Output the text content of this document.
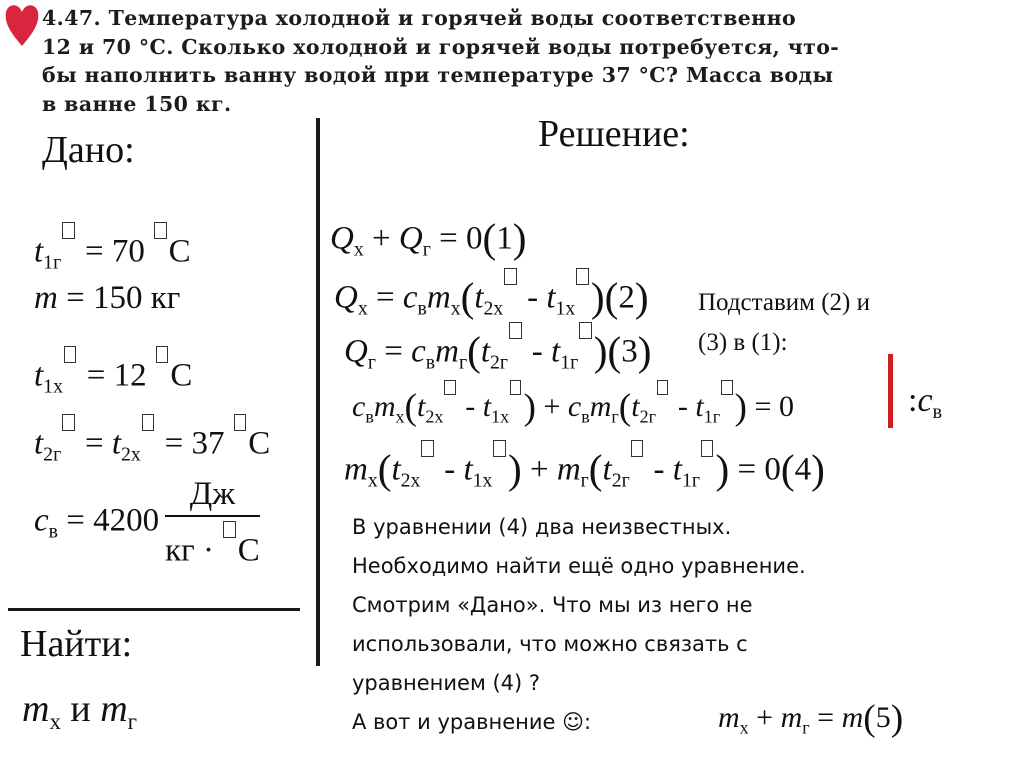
4.47. Температура холодной и горячей воды соответственно

12 и 70 °С. Сколько холодной и горячей воды потребуется, что-

бы наполнить ванну водой при температуре 37 °С? Масса воды

в ванне 150 кг.

Дано:

$t_{1г} = 70$ С
m = 150 кг
$t_{1х} = 12$ С
$t_{2г} = t_{2х} = 37$ С
$c_в = 4200 \frac{Дж}{кг \cdot С}$

Найти:

$m_х$ и $m_г$

Решение:

$Q_х + Q_г = 0(1)$
$Q_х = c_вm_х(t_{2х} - t_{1х}$ )(2)
$Q_г = c_вm_г(t_{2г} - t_{1г}$ )(3)

Подставим (2) и

(3) в (1):

$c_вm_х(t_{2х} - t_{1х}$ ) + $c_вm_г(t_{2г} - t_{1г}$ ) = 0	$:c_в$
$m_х(t_{2х} - t_{1х}$ ) + $m_г(t_{2г} - t_{1г}$ ) = 0(4)
В уравнении (4) два неизвестных.
Необходимо найти ещё одно уравнение.
Смотрим «Дано». Что мы из него не
использовали, что можно связать с
уравнением (4) ?
А вот и уравнение ☺:	$m_х + m_г = m(5)$
